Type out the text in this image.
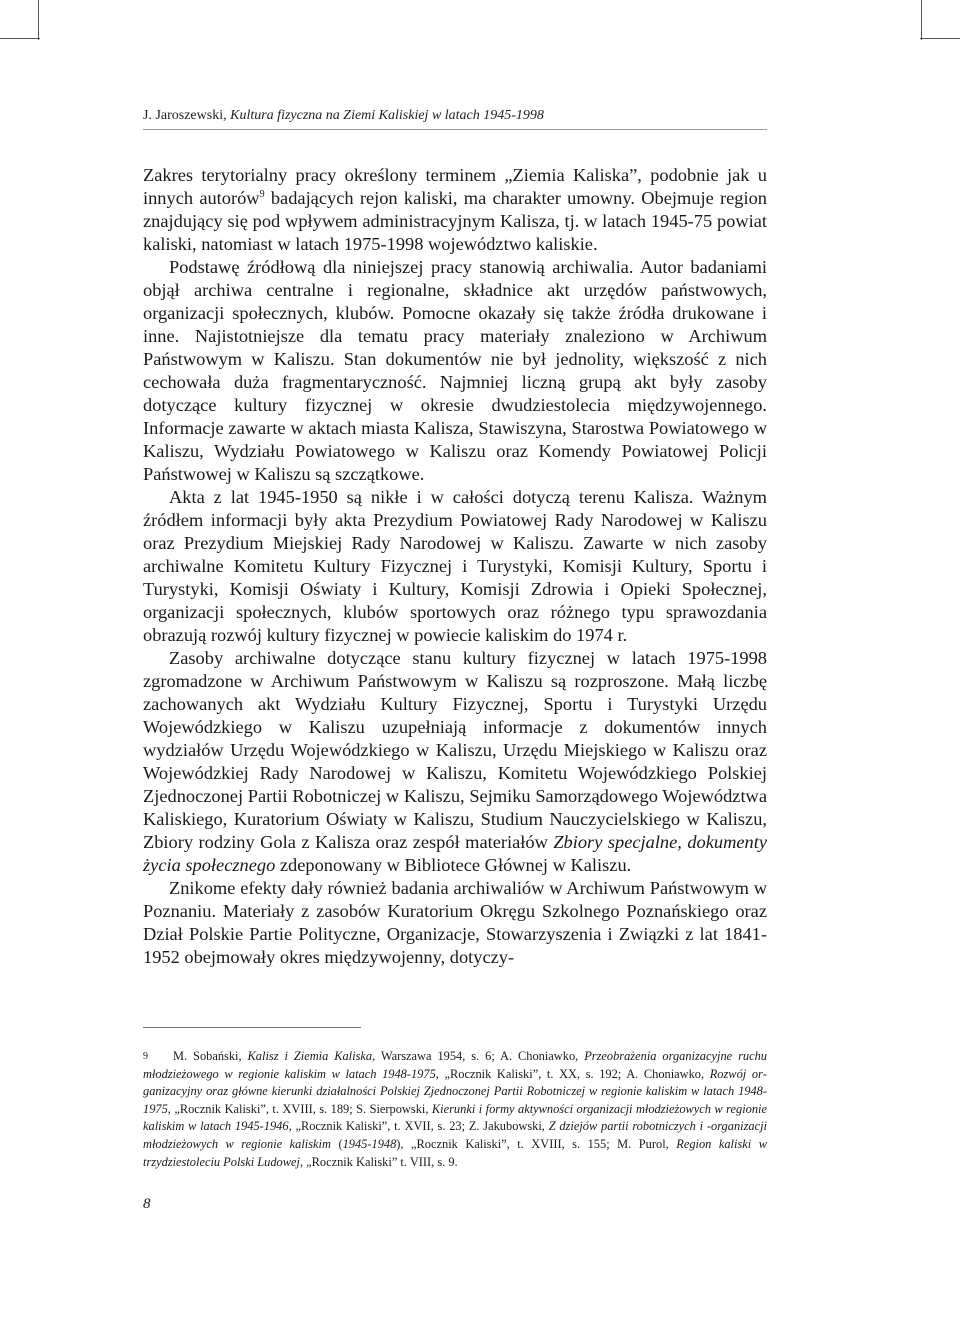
J. Jaroszewski, Kultura fizyczna na Ziemi Kaliskiej w latach 1945-1998

Zakres terytorialny pracy określony terminem „Ziemia Kaliska”, podobnie jak u innych autorów$^9$ badających rejon kaliski, ma charakter umowny. Obejmuje region znajdujący się pod wpływem administracyjnym Kalisza, tj. w latach 1945-75 powiat kaliski, natomiast w latach 1975-1998 województwo kaliskie.

Podstawę źródłową dla niniejszej pracy stanowią archiwalia. Autor badaniami objął archiwa centralne i regionalne, składnice akt urzędów państwowych, organizacji społecznych, klubów. Pomocne okazały się także źródła drukowane i inne. Najistotniejsze dla tematu pracy materiały znaleziono w Archiwum Państwowym w Kaliszu. Stan dokumentów nie był jednolity, większość z nich cechowała duża fragmentaryczność. Najmniej liczną grupą akt były zasoby dotyczące kultury fizycznej w okresie dwudziestolecia międzywojennego. Informacje zawarte w aktach miasta Kalisza, Stawiszyna, Starostwa Powiatowego w Kaliszu, Wydziału Powiatowego w Kaliszu oraz Komendy Powiatowej Policji Państwowej w Kaliszu są szczątkowe.

Akta z lat 1945-1950 są nikłe i w całości dotyczą terenu Kalisza. Ważnym źródłem informacji były akta Prezydium Powiatowej Rady Narodowej w Kaliszu oraz Prezydium Miejskiej Rady Narodowej w Kaliszu. Zawarte w nich zasoby archiwalne Komitetu Kultury Fizycznej i Turystyki, Komisji Kultury, Sportu i Turystyki, Komisji Oświaty i Kultury, Komisji Zdrowia i Opieki Społecznej, organizacji społecznych, klubów sportowych oraz różnego typu sprawozdania obrazują rozwój kultury fizycznej w powiecie kaliskim do 1974 r.

Zasoby archiwalne dotyczące stanu kultury fizycznej w latach 1975-1998 zgromadzone w Archiwum Państwowym w Kaliszu są rozproszone. Małą liczbę zachowanych akt Wydziału Kultury Fizycznej, Sportu i Turystyki Urzędu Wojewódzkiego w Kaliszu uzupełniają informacje z dokumentów innych wydziałów Urzędu Wojewódzkiego w Kaliszu, Urzędu Miejskiego w Kaliszu oraz Wojewódzkiej Rady Narodowej w Kaliszu, Komitetu Wojewódzkiego Polskiej Zjednoczonej Partii Robotniczej w Kaliszu, Sejmiku Samorządowego Województwa Kaliskiego, Kuratorium Oświaty w Kaliszu, Studium Nauczycielskiego w Kaliszu, Zbiory rodziny Gola z Kalisza oraz zespół materiałów Zbiory specjalne, dokumenty życia społecznego zdeponowany w Bibliotece Głównej w Kaliszu.

Znikome efekty dały również badania archiwaliów w Archiwum Państwowym w Poznaniu. Materiały z zasobów Kuratorium Okręgu Szkolnego Poznańskiego oraz Dział Polskie Partie Polityczne, Organizacje, Stowarzyszenia i Związki z lat 1841-1952 obejmowały okres międzywojenny, dotyczy-

9 M. Sobański, Kalisz i Ziemia Kaliska, Warszawa 1954, s. 6; A. Choniawko, Przeobrażenia organizacyjne ruchu młodzieżowego w regionie kaliskim w latach 1948-1975, „Rocznik Kaliski”, t. XX, s. 192; A. Choniawko, Rozwój organizacyjny oraz główne kierunki działalności Polskiej Zjednoczonej Partii Robotniczej w regionie kaliskim w latach 1948-1975, „Rocznik Kaliski”, t. XVIII, s. 189; S. Sierpowski, Kierunki i formy aktywności organizacji młodzieżowych w regionie kaliskim w latach 1945-1946, „Rocznik Kaliski”, t. XVII, s. 23; Z. Jakubowski, Z dziejów partii robotniczych i -organizacji młodzieżowych w regionie kaliskim (1945-1948), „Rocznik Kaliski”, t. XVIII, s. 155; M. Purol, Region kaliski w trzydziestoleciu Polski Ludowej, „Rocznik Kaliski” t. VIII, s. 9.
8
